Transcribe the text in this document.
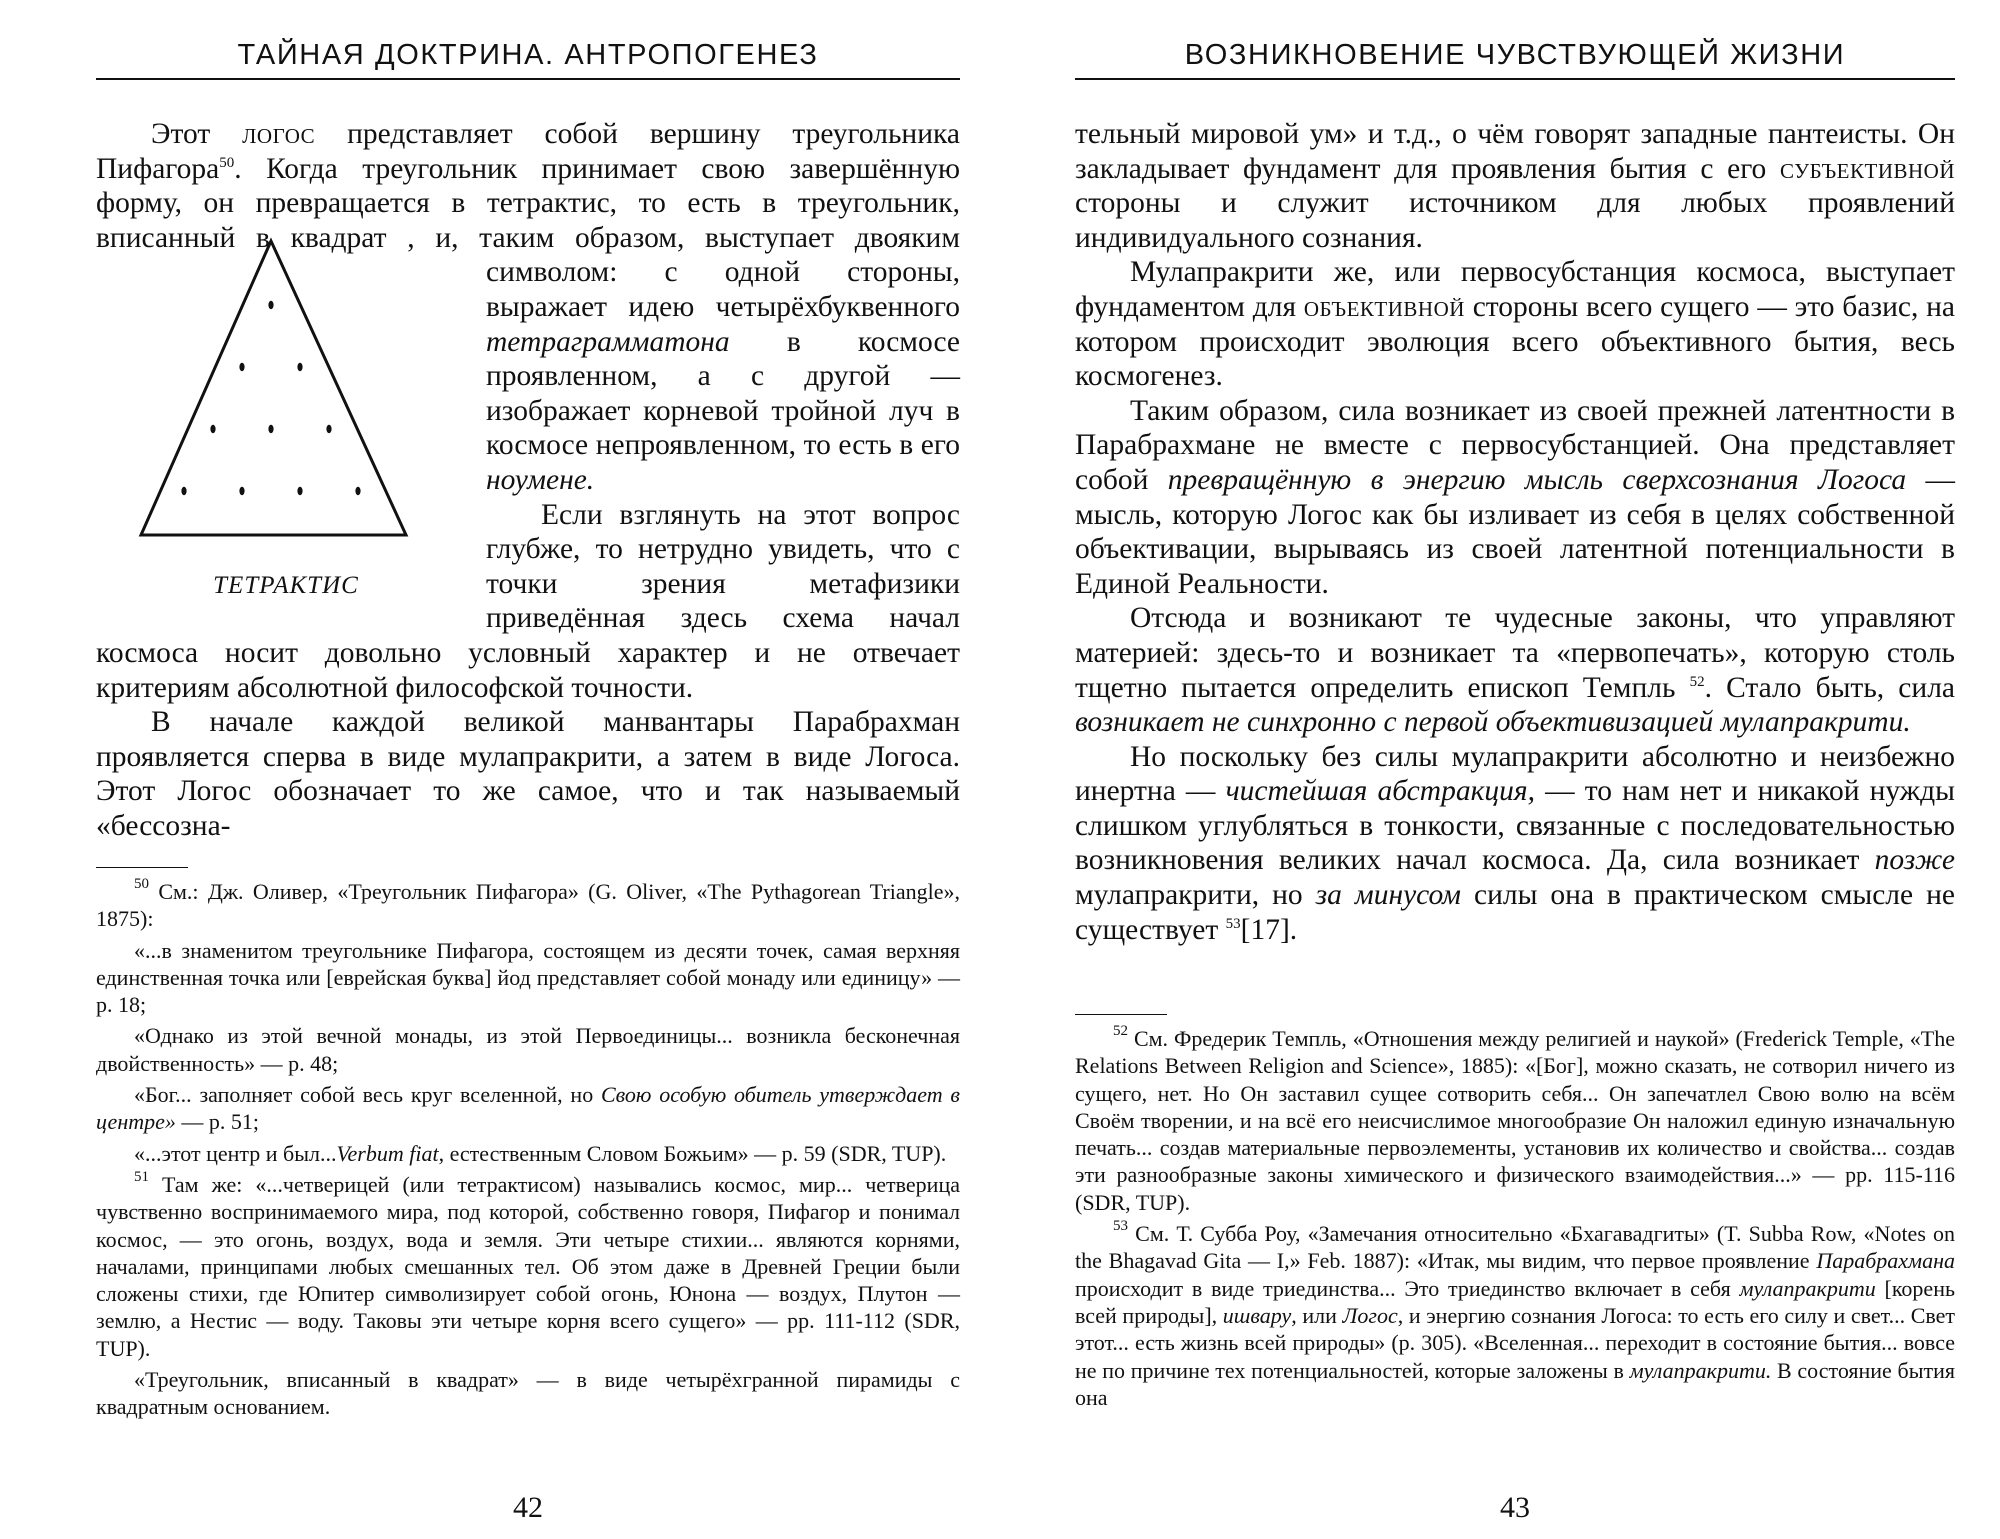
ТАЙНАЯ ДОКТРИНА. АНТРОПОГЕНЕЗ

Этот логос представляет собой вершину треугольника Пифагора$^{50}$. Когда треугольник принимает свою завершённую форму, он превращается в тетрактис, то есть в треугольник, вписанный в квадрат
ТЕТРАКТИС
, и, таким образом, выступает двояким символом: с одной стороны, выражает идею четырёхбуквенного тетраграмматона в космосе проявленном, а с другой — изображает корневой тройной луч в космосе непроявленном, то есть в его ноумене.

Если взглянуть на этот вопрос глубже, то нетрудно увидеть, что с точки зрения метафизики приведённая здесь схема начал космоса носит довольно условный характер и не отвечает критериям абсолютной философской точности.

В начале каждой великой манвантары Парабрахман проявляется сперва в виде мулапракрити, а затем в виде Логоса. Этот Логос обозначает то же самое, что и так называемый «бессозна-

$^{50}$ См.: Дж. Оливер, «Треугольник Пифагора» (G. Oliver, «The Pythagorean Triangle», 1875):

«...в знаменитом треугольнике Пифагора, состоящем из десяти точек, самая верхняя единственная точка или [еврейская буква] йод представляет собой монаду или единицу» — p. 18;

«Однако из этой вечной монады, из этой Первоединицы... возникла бесконечная двойственность» — p. 48;

«Бог... заполняет собой весь круг вселенной, но Свою особую обитель утверждает в центре» — p. 51;

«...этот центр и был...Verbum fiat, естественным Словом Божьим» — p. 59 (SDR, TUP).

$^{51}$ Там же: «...четверицей (или тетрактисом) назывались космос, мир... четверица чувственно воспринимаемого мира, под которой, собственно говоря, Пифагор и понимал космос, — это огонь, воздух, вода и земля. Эти четыре стихии... являются корнями, началами, принципами любых смешанных тел. Об этом даже в Древней Греции были сложены стихи, где Юпитер символизирует собой огонь, Юнона — воздух, Плутон — землю, а Нестис — воду. Таковы эти четыре корня всего сущего» — pp. 111-112 (SDR, TUP).

«Треугольник, вписанный в квадрат» — в виде четырёхгранной пирамиды с квадратным основанием.

42
ВОЗНИКНОВЕНИЕ ЧУВСТВУЮЩЕЙ ЖИЗНИ

тельный мировой ум» и т.д., о чём говорят западные пантеисты. Он закладывает фундамент для проявления бытия с его субъективной стороны и служит источником для любых проявлений индивидуального сознания.

Мулапракрити же, или первосубстанция космоса, выступает фундаментом для объективной стороны всего сущего — это базис, на котором происходит эволюция всего объективного бытия, весь космогенез.

Таким образом, сила возникает из своей прежней латентности в Парабрахмане не вместе с первосубстанцией. Она представляет собой превращённую в энергию мысль сверхсознания Логоса — мысль, которую Логос как бы изливает из себя в целях собственной объективации, вырываясь из своей латентной потенциальности в Единой Реальности.

Отсюда и возникают те чудесные законы, что управляют материей: здесь-то и возникает та «первопечать», которую столь тщетно пытается определить епископ Темпль $^{52}$. Стало быть, сила возникает не синхронно с первой объективизацией мулапракрити.

Но поскольку без силы мулапракрити абсолютно и неизбежно инертна — чистейшая абстракция, — то нам нет и никакой нужды слишком углубляться в тонкости, связанные с последовательностью возникновения великих начал космоса. Да, сила возникает позже мулапракрити, но за минусом силы она в практическом смысле не существует $^{53}$[17].

$^{52}$ См. Фредерик Темпль, «Отношения между религией и наукой» (Frederick Temple, «The Relations Between Religion and Science», 1885): «[Бог], можно сказать, не сотворил ничего из сущего, нет. Но Он заставил сущее сотворить себя... Он запечатлел Свою волю на всём Своём творении, и на всё его неисчислимое многообразие Он наложил единую изначальную печать... создав материальные первоэлементы, установив их количество и свойства... создав эти разнообразные законы химического и физического взаимодействия...» — pp. 115-116 (SDR, TUP).

$^{53}$ См. Т. Субба Роу, «Замечания относительно «Бхагавадгиты» (T. Subba Row, «Notes on the Bhagavad Gita — I,» Feb. 1887): «Итак, мы видим, что первое проявление Парабрахмана происходит в виде триединства... Это триединство включает в себя мулапракрити [корень всей природы], ишвару, или Логос, и энергию сознания Логоса: то есть его силу и свет... Свет этот... есть жизнь всей природы» (p. 305). «Вселенная... переходит в состояние бытия... вовсе не по причине тех потенциальностей, которые заложены в мулапракрити. В состояние бытия она

43
